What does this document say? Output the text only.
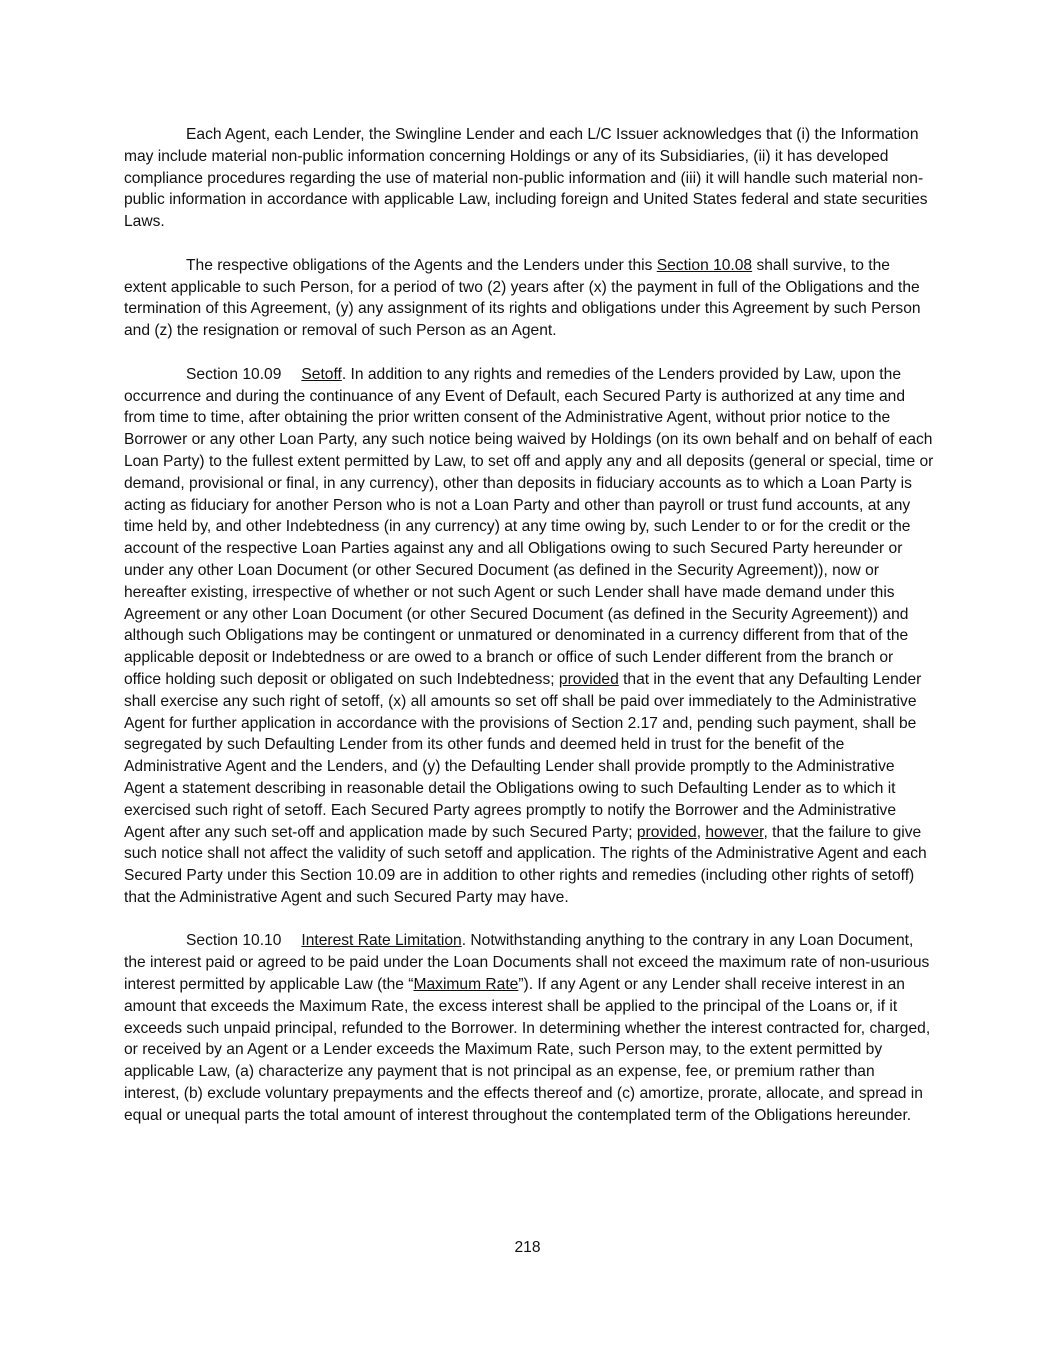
Each Agent, each Lender, the Swingline Lender and each L/C Issuer acknowledges that (i) the Information may include material non-public information concerning Holdings or any of its Subsidiaries, (ii) it has developed compliance procedures regarding the use of material non-public information and (iii) it will handle such material non-public information in accordance with applicable Law, including foreign and United States federal and state securities Laws.

The respective obligations of the Agents and the Lenders under this Section 10.08 shall survive, to the extent applicable to such Person, for a period of two (2) years after (x) the payment in full of the Obligations and the termination of this Agreement, (y) any assignment of its rights and obligations under this Agreement by such Person and (z) the resignation or removal of such Person as an Agent.

Section 10.09 Setoff. In addition to any rights and remedies of the Lenders provided by Law, upon the occurrence and during the continuance of any Event of Default, each Secured Party is authorized at any time and from time to time, after obtaining the prior written consent of the Administrative Agent, without prior notice to the Borrower or any other Loan Party, any such notice being waived by Holdings (on its own behalf and on behalf of each Loan Party) to the fullest extent permitted by Law, to set off and apply any and all deposits (general or special, time or demand, provisional or final, in any currency), other than deposits in fiduciary accounts as to which a Loan Party is acting as fiduciary for another Person who is not a Loan Party and other than payroll or trust fund accounts, at any time held by, and other Indebtedness (in any currency) at any time owing by, such Lender to or for the credit or the account of the respective Loan Parties against any and all Obligations owing to such Secured Party hereunder or under any other Loan Document (or other Secured Document (as defined in the Security Agreement)), now or hereafter existing, irrespective of whether or not such Agent or such Lender shall have made demand under this Agreement or any other Loan Document (or other Secured Document (as defined in the Security Agreement)) and although such Obligations may be contingent or unmatured or denominated in a currency different from that of the applicable deposit or Indebtedness or are owed to a branch or office of such Lender different from the branch or office holding such deposit or obligated on such Indebtedness; provided that in the event that any Defaulting Lender shall exercise any such right of setoff, (x) all amounts so set off shall be paid over immediately to the Administrative Agent for further application in accordance with the provisions of Section 2.17 and, pending such payment, shall be segregated by such Defaulting Lender from its other funds and deemed held in trust for the benefit of the Administrative Agent and the Lenders, and (y) the Defaulting Lender shall provide promptly to the Administrative Agent a statement describing in reasonable detail the Obligations owing to such Defaulting Lender as to which it exercised such right of setoff. Each Secured Party agrees promptly to notify the Borrower and the Administrative Agent after any such set-off and application made by such Secured Party; provided, however, that the failure to give such notice shall not affect the validity of such setoff and application. The rights of the Administrative Agent and each Secured Party under this Section 10.09 are in addition to other rights and remedies (including other rights of setoff) that the Administrative Agent and such Secured Party may have.

Section 10.10 Interest Rate Limitation. Notwithstanding anything to the contrary in any Loan Document, the interest paid or agreed to be paid under the Loan Documents shall not exceed the maximum rate of non-usurious interest permitted by applicable Law (the “Maximum Rate”). If any Agent or any Lender shall receive interest in an amount that exceeds the Maximum Rate, the excess interest shall be applied to the principal of the Loans or, if it exceeds such unpaid principal, refunded to the Borrower. In determining whether the interest contracted for, charged, or received by an Agent or a Lender exceeds the Maximum Rate, such Person may, to the extent permitted by applicable Law, (a) characterize any payment that is not principal as an expense, fee, or premium rather than interest, (b) exclude voluntary prepayments and the effects thereof and (c) amortize, prorate, allocate, and spread in equal or unequal parts the total amount of interest throughout the contemplated term of the Obligations hereunder.

218
